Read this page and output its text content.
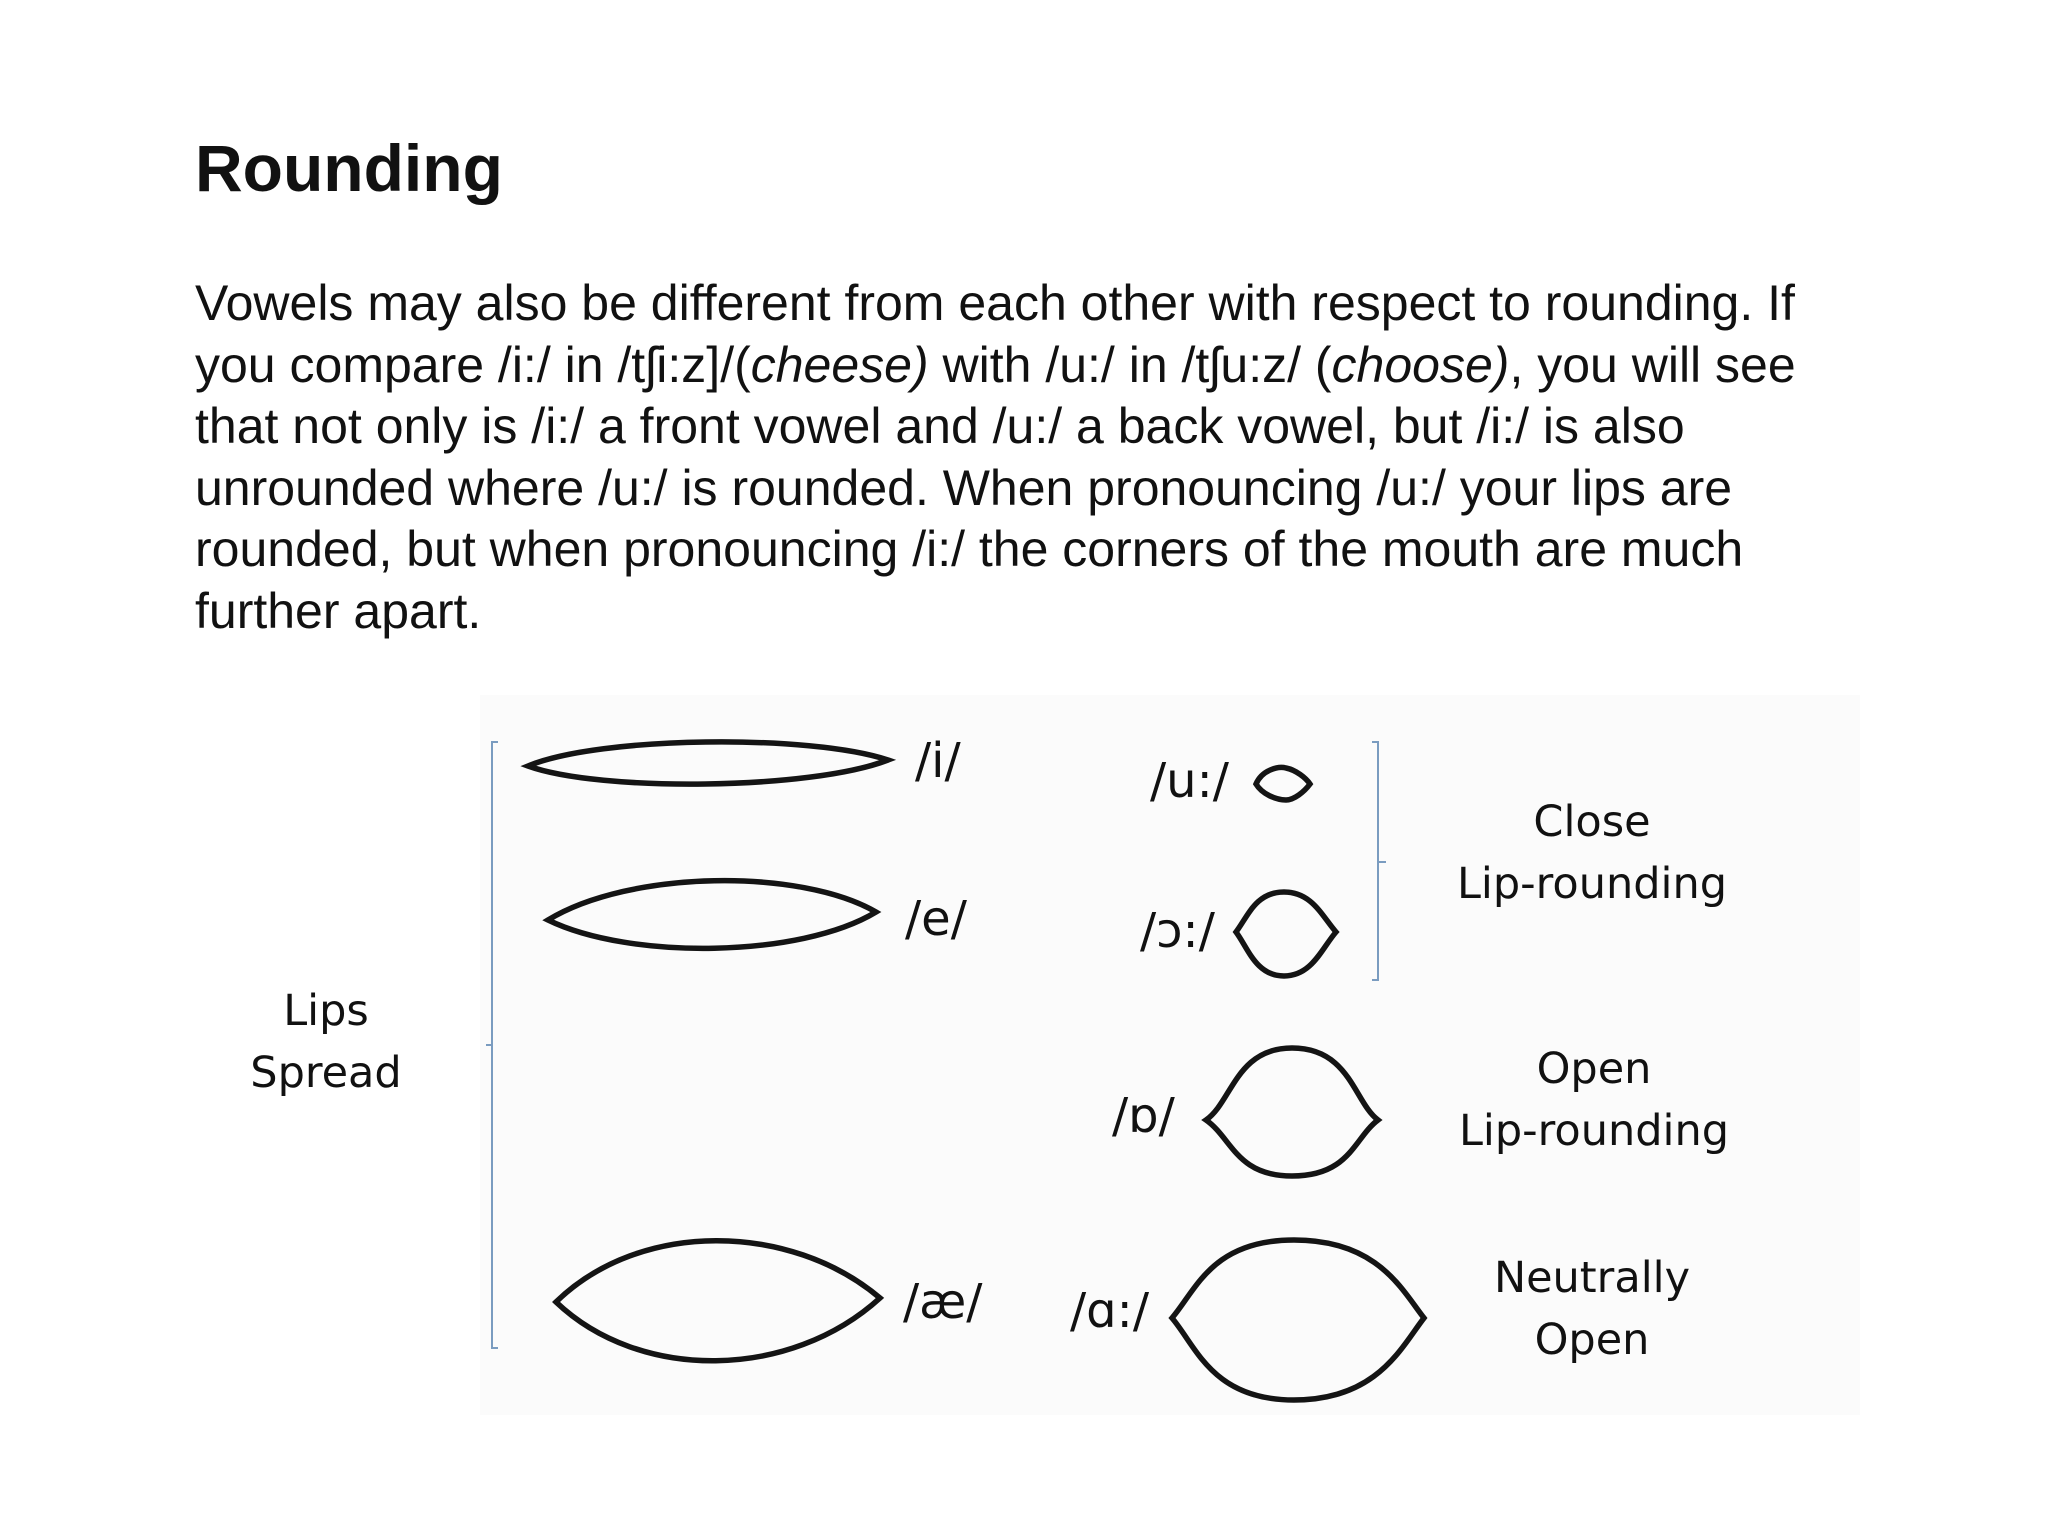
Rounding

Vowels may also be different from each other with respect to rounding. If
you compare /i:/ in /tʃi:z]/(cheese) with /u:/ in /tʃu:z/ (choose), you will see
that not only is /i:/ a front vowel and /u:/ a back vowel, but /i:/ is also
unrounded where /u:/ is rounded. When pronouncing /u:/ your lips are
rounded, but when pronouncing /i:/ the corners of the mouth are much
further apart.

/i/
/e/
/æ/
/u:/
/ɔ:/
/ɒ/
/ɑ:/
Lips
Spread
Close
Lip-rounding
Open
Lip-rounding
Neutrally
Open
